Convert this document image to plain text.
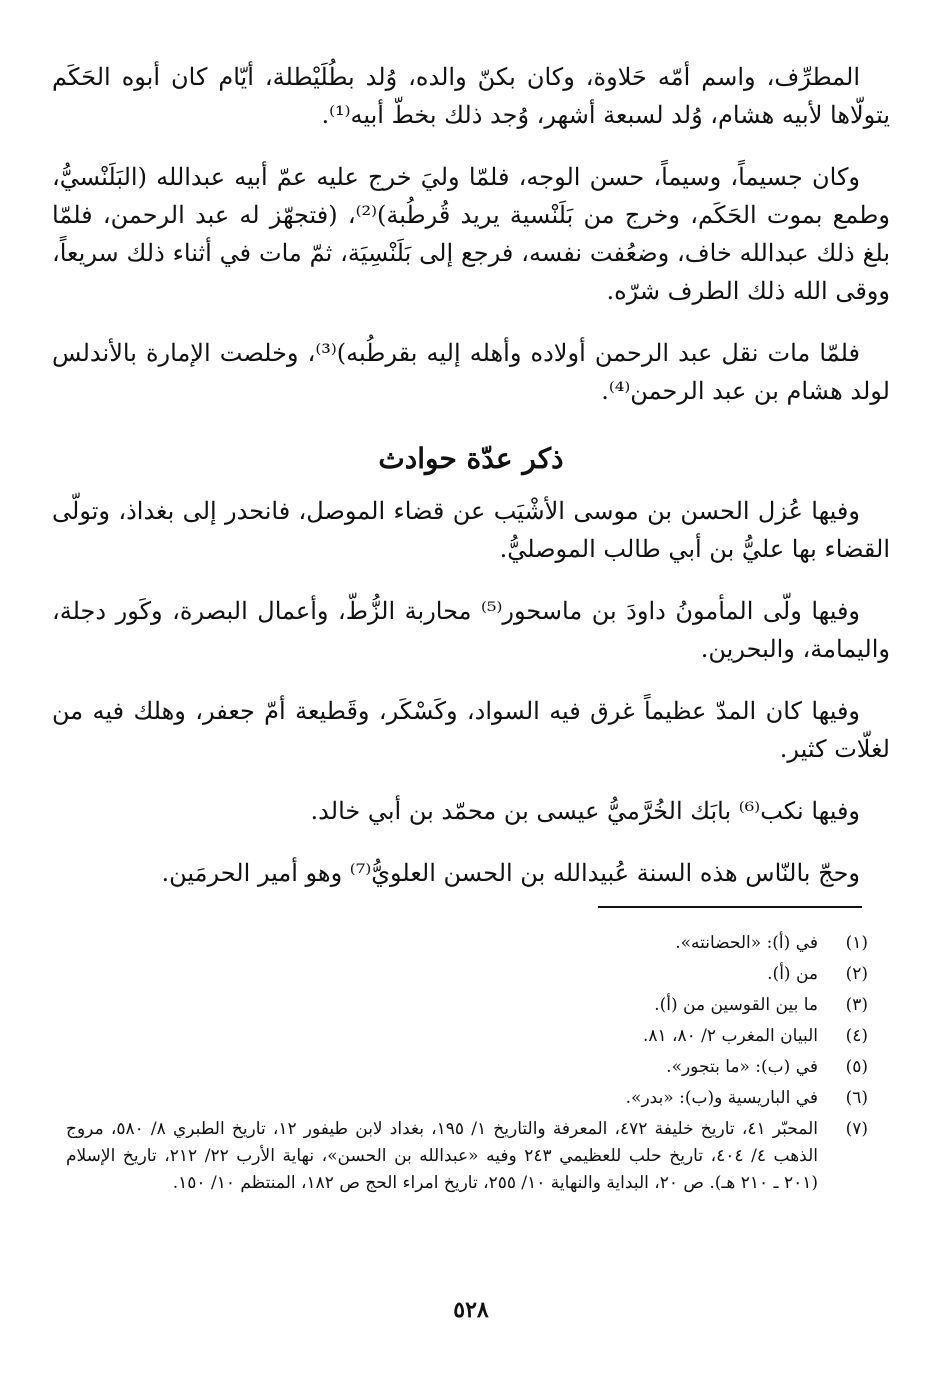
المطرِّف، واسم أمّه حَلاوة، وكان بكنّ والده، وُلد بطُلَيْطلة، أيّام كان أبوه الحَكَم يتولّاها لأبيه هشام، وُلد لسبعة أشهر، وُجد ذلك بخطّ أبيه⁽¹⁾.

وكان جسيماً، وسيماً، حسن الوجه، فلمّا وليَ خرج عليه عمّ أبيه عبدالله (البَلَنْسيُّ، وطمع بموت الحَكَم، وخرج من بَلَنْسية يريد قُرطُبة)⁽²⁾، (فتجهّز له عبد الرحمن، فلمّا بلغ ذلك عبدالله خاف، وضعُفت نفسه، فرجع إلى بَلَنْسِيَة، ثمّ مات في أثناء ذلك سريعاً، ووقى الله ذلك الطرف شرّه.

فلمّا مات نقل عبد الرحمن أولاده وأهله إليه بقرطُبه)⁽³⁾، وخلصت الإمارة بالأندلس لولد هشام بن عبد الرحمن⁽⁴⁾.

ذكر عدّة حوادث

وفيها عُزل الحسن بن موسى الأشْيَب عن قضاء الموصل، فانحدر إلى بغداذ، وتولّى القضاء بها عليُّ بن أبي طالب الموصليُّ.

وفيها ولّى المأمونُ داودَ بن ماسحور⁽⁵⁾ محاربة الزُّطّ، وأعمال البصرة، وكَور دجلة، واليمامة، والبحرين.

وفيها كان المدّ عظيماً غرق فيه السواد، وكَسْكَر، وقَطيعة أمّ جعفر، وهلك فيه من لغلّات كثير.

وفيها نكب⁽⁶⁾ بابَك الخُرَّميُّ عيسى بن محمّد بن أبي خالد.

وحجّ بالنّاس هذه السنة عُبيدالله بن الحسن العلويُّ⁽⁷⁾ وهو أمير الحرمَين.

(١)
في (أ): «الحضانته».
(٢)
من (أ).
(٣)
ما بين القوسين من (أ).
(٤)
البيان المغرب ٢/ ٨٠، ٨١.
(٥)
في (ب): «ما بتجور».
(٦)
في الباريسية و(ب): «بدر».
(٧)
المحبّر ٤١، تاريخ خليفة ٤٧٢، المعرفة والتاريخ ١/ ١٩٥، بغداد لابن طيفور ١٢، تاريخ الطبري ٨/ ٥٨٠، مروج الذهب ٤/ ٤٠٤، تاريخ حلب للعظيمي ٢٤٣ وفيه «عبدالله بن الحسن»، نهاية الأرب ٢٢/ ٢١٢، تاريخ الإسلام (٢٠١ ـ ٢١٠ هـ). ص ٢٠، البداية والنهاية ١٠/ ٢٥٥، تاريخ امراء الحج ص ١٨٢، المنتظم ١٠/ ١٥٠.
٥٢٨
